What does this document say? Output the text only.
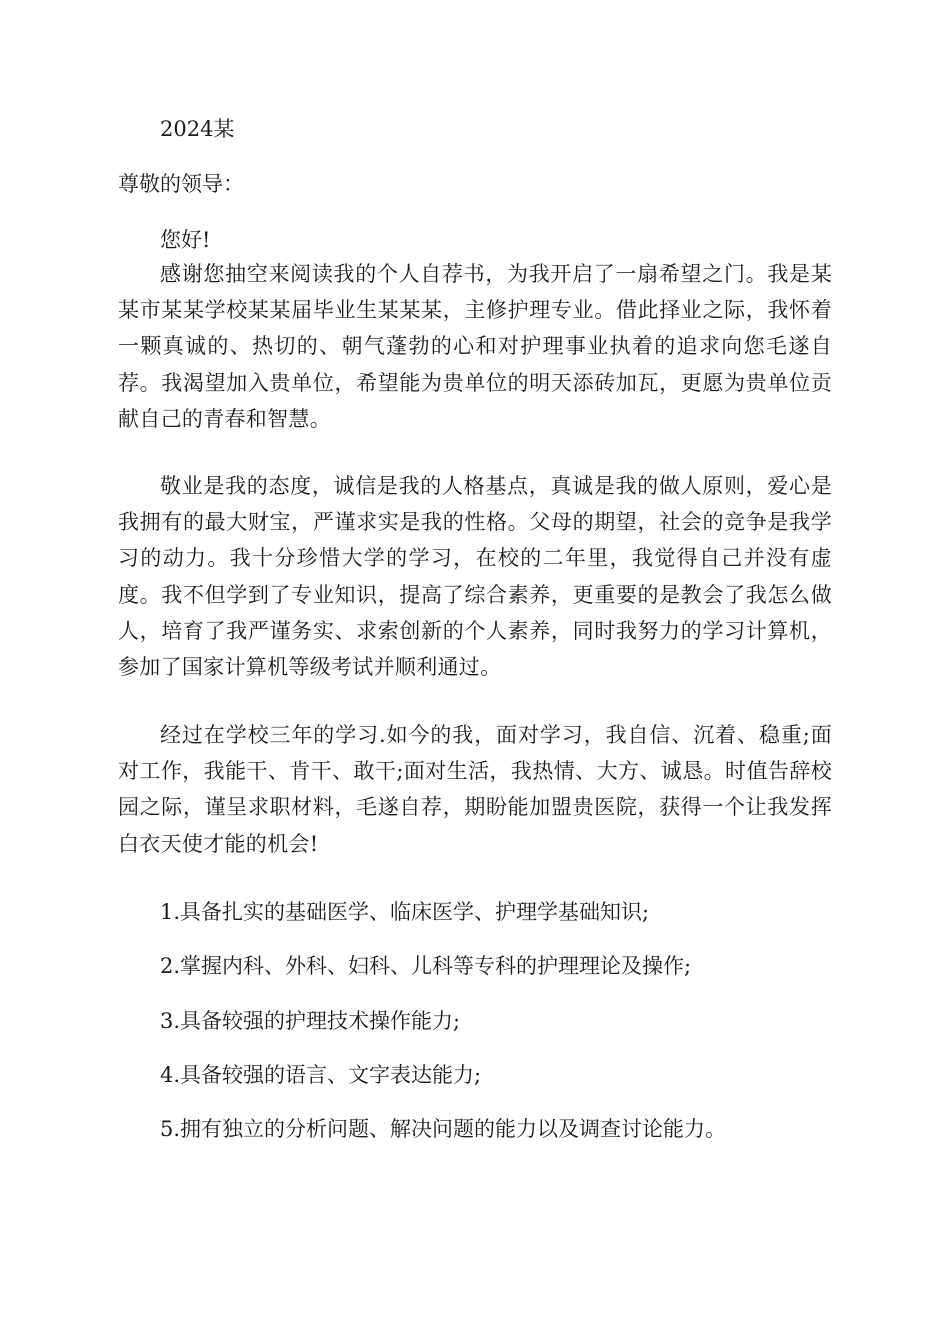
2024某
尊敬的领导：
您好!

感谢您抽空来阅读我的个人自荐书，为我开启了一扇希望之门。我是某某市某某学校某某届毕业生某某某，主修护理专业。借此择业之际，我怀着一颗真诚的、热切的、朝气蓬勃的心和对护理事业执着的追求向您毛遂自荐。我渴望加入贵单位，希望能为贵单位的明天添砖加瓦，更愿为贵单位贡献自己的青春和智慧。

敬业是我的态度，诚信是我的人格基点，真诚是我的做人原则，爱心是我拥有的最大财宝，严谨求实是我的性格。父母的期望，社会的竞争是我学习的动力。我十分珍惜大学的学习，在校的二年里，我觉得自己并没有虚度。我不但学到了专业知识，提高了综合素养，更重要的是教会了我怎么做人，培育了我严谨务实、求索创新的个人素养，同时我努力的学习计算机，参加了国家计算机等级考试并顺利通过。

经过在学校三年的学习.如今的我，面对学习，我自信、沉着、稳重;面对工作，我能干、肯干、敢干;面对生活，我热情、大方、诚恳。时值告辞校园之际，谨呈求职材料，毛遂自荐，期盼能加盟贵医院，获得一个让我发挥白衣天使才能的机会!

1.具备扎实的基础医学、临床医学、护理学基础知识;
2.掌握内科、外科、妇科、儿科等专科的护理理论及操作;
3.具备较强的护理技术操作能力;
4.具备较强的语言、文字表达能力;
5.拥有独立的分析问题、解决问题的能力以及调查讨论能力。
